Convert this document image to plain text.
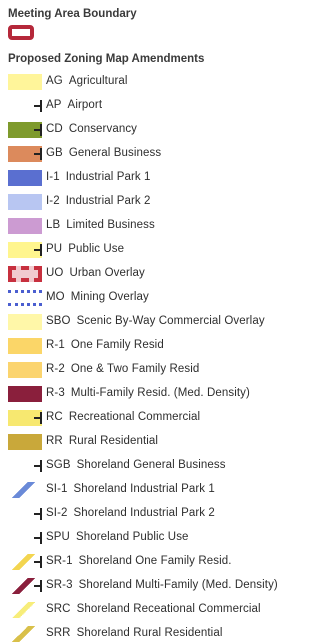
Meeting Area Boundary
Proposed Zoning Map Amendments
AG Agricultural
AP Airport
CD Conservancy
GB General Business
I-1 Industrial Park 1
I-2 Industrial Park 2
LB Limited Business
PU Public Use
UO Urban Overlay
MO Mining Overlay
SBO Scenic By-Way Commercial Overlay
R-1 One Family Resid
R-2 One & Two Family Resid
R-3 Multi-Family Resid. (Med. Density)
RC Recreational Commercial
RR Rural Residential
SGB Shoreland General Business
SI-1 Shoreland Industrial Park 1
SI-2 Shoreland Industrial Park 2
SPU Shoreland Public Use
SR-1 Shoreland One Family Resid.
SR-3 Shoreland Multi-Family (Med. Density)
SRC Shoreland Receational Commercial
SRR Shoreland Rural Residential
